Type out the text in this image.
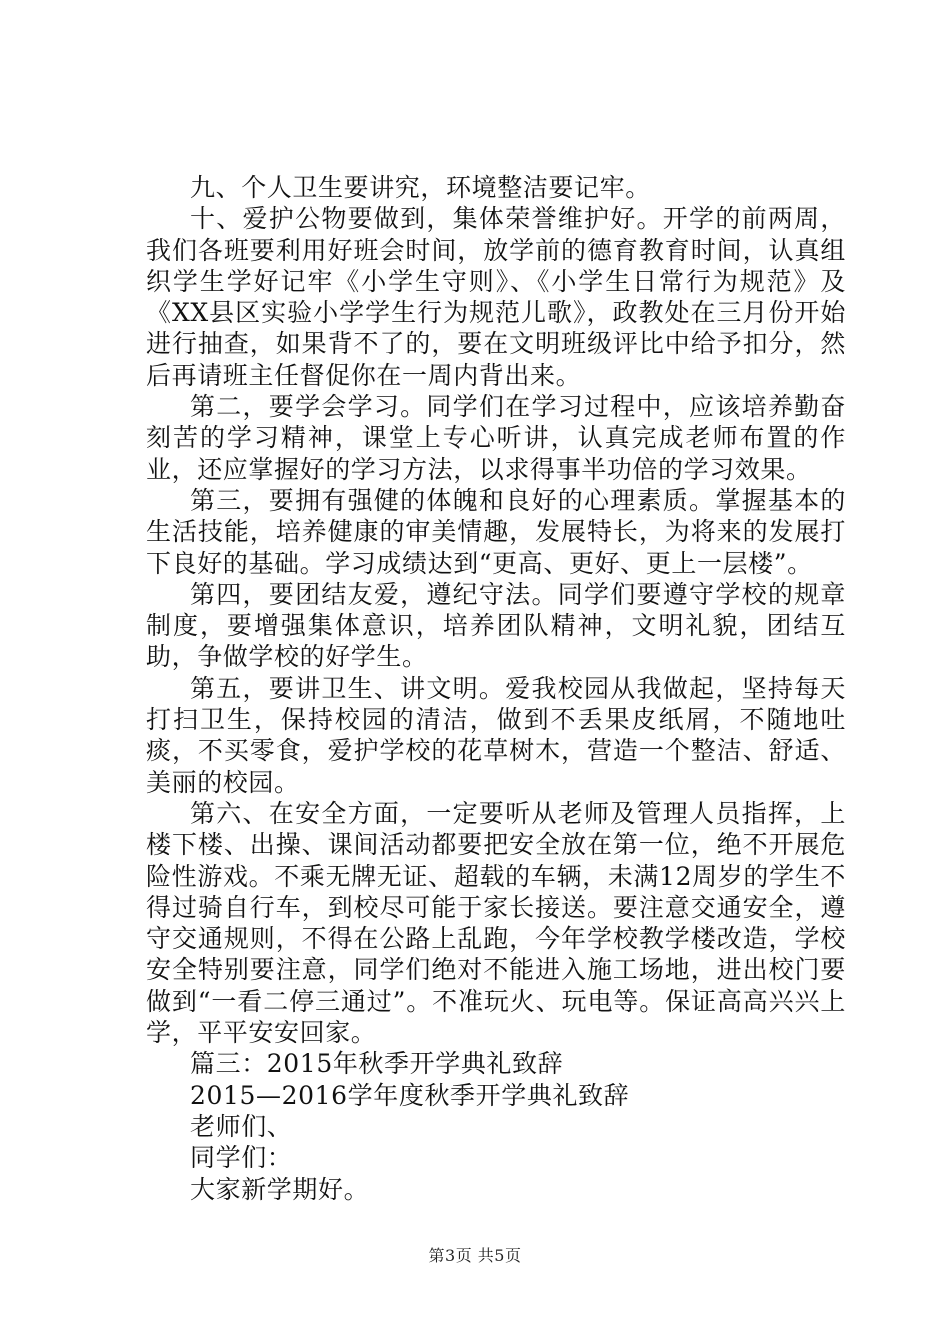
九、个人卫生要讲究，环境整洁要记牢。

十、爱护公物要做到，集体荣誉维护好。开学的前两周，我们各班要利用好班会时间，放学前的德育教育时间，认真组织学生学好记牢《小学生守则》、《小学生日常行为规范》及《XX县区实验小学学生行为规范儿歌》，政教处在三月份开始进行抽查，如果背不了的，要在文明班级评比中给予扣分，然后再请班主任督促你在一周内背出来。

第二，要学会学习。同学们在学习过程中，应该培养勤奋刻苦的学习精神，课堂上专心听讲，认真完成老师布置的作业，还应掌握好的学习方法，以求得事半功倍的学习效果。

第三，要拥有强健的体魄和良好的心理素质。掌握基本的生活技能，培养健康的审美情趣，发展特长，为将来的发展打下良好的基础。学习成绩达到“更高、更好、更上一层楼”。

第四，要团结友爱，遵纪守法。同学们要遵守学校的规章制度，要增强集体意识，培养团队精神，文明礼貌，团结互助，争做学校的好学生。

第五，要讲卫生、讲文明。爱我校园从我做起，坚持每天打扫卫生，保持校园的清洁，做到不丢果皮纸屑，不随地吐痰，不买零食，爱护学校的花草树木，营造一个整洁、舒适、美丽的校园。

第六、在安全方面，一定要听从老师及管理人员指挥，上楼下楼、出操、课间活动都要把安全放在第一位，绝不开展危险性游戏。不乘无牌无证、超载的车辆，未满12周岁的学生不得过骑自行车，到校尽可能于家长接送。要注意交通安全，遵守交通规则，不得在公路上乱跑，今年学校教学楼改造，学校安全特别要注意，同学们绝对不能进入施工场地，进出校门要做到“一看二停三通过”。不准玩火、玩电等。保证高高兴兴上学，平平安安回家。

篇三：2015年秋季开学典礼致辞

2015—2016学年度秋季开学典礼致辞

老师们、

同学们：

大家新学期好。

第3页 共5页
